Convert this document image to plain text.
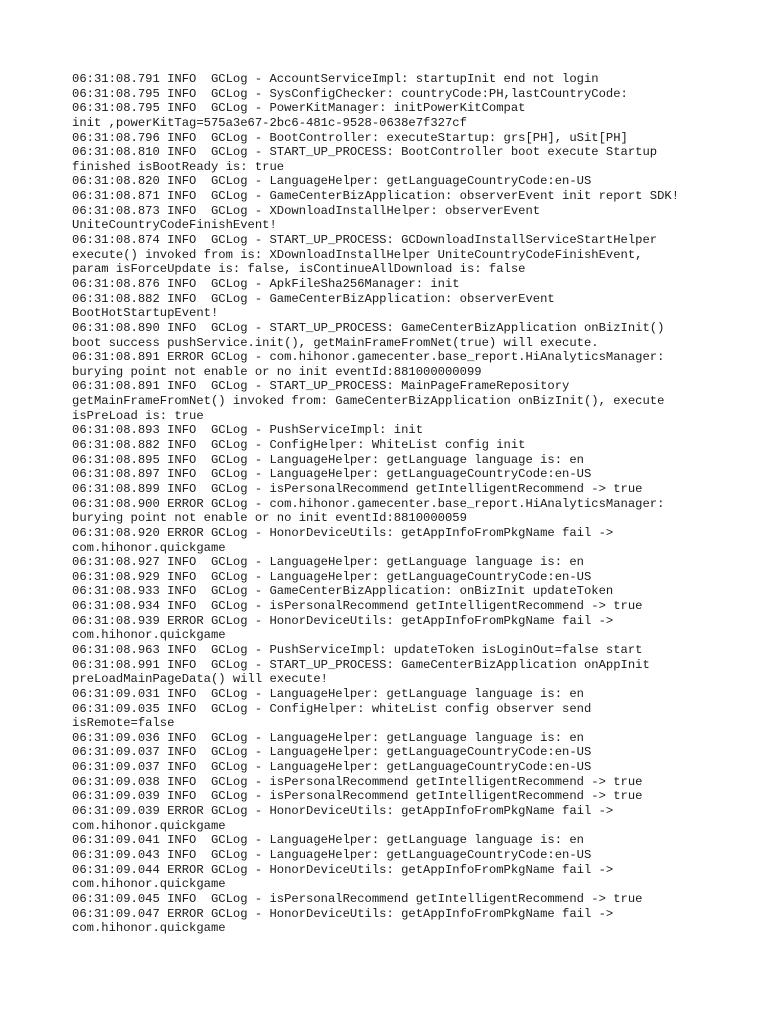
06:31:08.791 INFO  GCLog - AccountServiceImpl: startupInit end not login
06:31:08.795 INFO  GCLog - SysConfigChecker: countryCode:PH,lastCountryCode:
06:31:08.795 INFO  GCLog - PowerKitManager: initPowerKitCompat
init ,powerKitTag=575a3e67-2bc6-481c-9528-0638e7f327cf
06:31:08.796 INFO  GCLog - BootController: executeStartup: grs[PH], uSit[PH]
06:31:08.810 INFO  GCLog - START_UP_PROCESS: BootController boot execute Startup
finished isBootReady is: true
06:31:08.820 INFO  GCLog - LanguageHelper: getLanguageCountryCode:en-US
06:31:08.871 INFO  GCLog - GameCenterBizApplication: observerEvent init report SDK!
06:31:08.873 INFO  GCLog - XDownloadInstallHelper: observerEvent
UniteCountryCodeFinishEvent!
06:31:08.874 INFO  GCLog - START_UP_PROCESS: GCDownloadInstallServiceStartHelper
execute() invoked from is: XDownloadInstallHelper UniteCountryCodeFinishEvent,
param isForceUpdate is: false, isContinueAllDownload is: false
06:31:08.876 INFO  GCLog - ApkFileSha256Manager: init
06:31:08.882 INFO  GCLog - GameCenterBizApplication: observerEvent
BootHotStartupEvent!
06:31:08.890 INFO  GCLog - START_UP_PROCESS: GameCenterBizApplication onBizInit()
boot success pushService.init(), getMainFrameFromNet(true) will execute.
06:31:08.891 ERROR GCLog - com.hihonor.gamecenter.base_report.HiAnalyticsManager:
burying point not enable or no init eventId:881000000099
06:31:08.891 INFO  GCLog - START_UP_PROCESS: MainPageFrameRepository
getMainFrameFromNet() invoked from: GameCenterBizApplication onBizInit(), execute
isPreLoad is: true
06:31:08.893 INFO  GCLog - PushServiceImpl: init
06:31:08.882 INFO  GCLog - ConfigHelper: WhiteList config init
06:31:08.895 INFO  GCLog - LanguageHelper: getLanguage language is: en
06:31:08.897 INFO  GCLog - LanguageHelper: getLanguageCountryCode:en-US
06:31:08.899 INFO  GCLog - isPersonalRecommend getIntelligentRecommend -> true
06:31:08.900 ERROR GCLog - com.hihonor.gamecenter.base_report.HiAnalyticsManager:
burying point not enable or no init eventId:8810000059
06:31:08.920 ERROR GCLog - HonorDeviceUtils: getAppInfoFromPkgName fail ->
com.hihonor.quickgame
06:31:08.927 INFO  GCLog - LanguageHelper: getLanguage language is: en
06:31:08.929 INFO  GCLog - LanguageHelper: getLanguageCountryCode:en-US
06:31:08.933 INFO  GCLog - GameCenterBizApplication: onBizInit updateToken
06:31:08.934 INFO  GCLog - isPersonalRecommend getIntelligentRecommend -> true
06:31:08.939 ERROR GCLog - HonorDeviceUtils: getAppInfoFromPkgName fail ->
com.hihonor.quickgame
06:31:08.963 INFO  GCLog - PushServiceImpl: updateToken isLoginOut=false start
06:31:08.991 INFO  GCLog - START_UP_PROCESS: GameCenterBizApplication onAppInit
preLoadMainPageData() will execute!
06:31:09.031 INFO  GCLog - LanguageHelper: getLanguage language is: en
06:31:09.035 INFO  GCLog - ConfigHelper: whiteList config observer send
isRemote=false
06:31:09.036 INFO  GCLog - LanguageHelper: getLanguage language is: en
06:31:09.037 INFO  GCLog - LanguageHelper: getLanguageCountryCode:en-US
06:31:09.037 INFO  GCLog - LanguageHelper: getLanguageCountryCode:en-US
06:31:09.038 INFO  GCLog - isPersonalRecommend getIntelligentRecommend -> true
06:31:09.039 INFO  GCLog - isPersonalRecommend getIntelligentRecommend -> true
06:31:09.039 ERROR GCLog - HonorDeviceUtils: getAppInfoFromPkgName fail ->
com.hihonor.quickgame
06:31:09.041 INFO  GCLog - LanguageHelper: getLanguage language is: en
06:31:09.043 INFO  GCLog - LanguageHelper: getLanguageCountryCode:en-US
06:31:09.044 ERROR GCLog - HonorDeviceUtils: getAppInfoFromPkgName fail ->
com.hihonor.quickgame
06:31:09.045 INFO  GCLog - isPersonalRecommend getIntelligentRecommend -> true
06:31:09.047 ERROR GCLog - HonorDeviceUtils: getAppInfoFromPkgName fail ->
com.hihonor.quickgame
